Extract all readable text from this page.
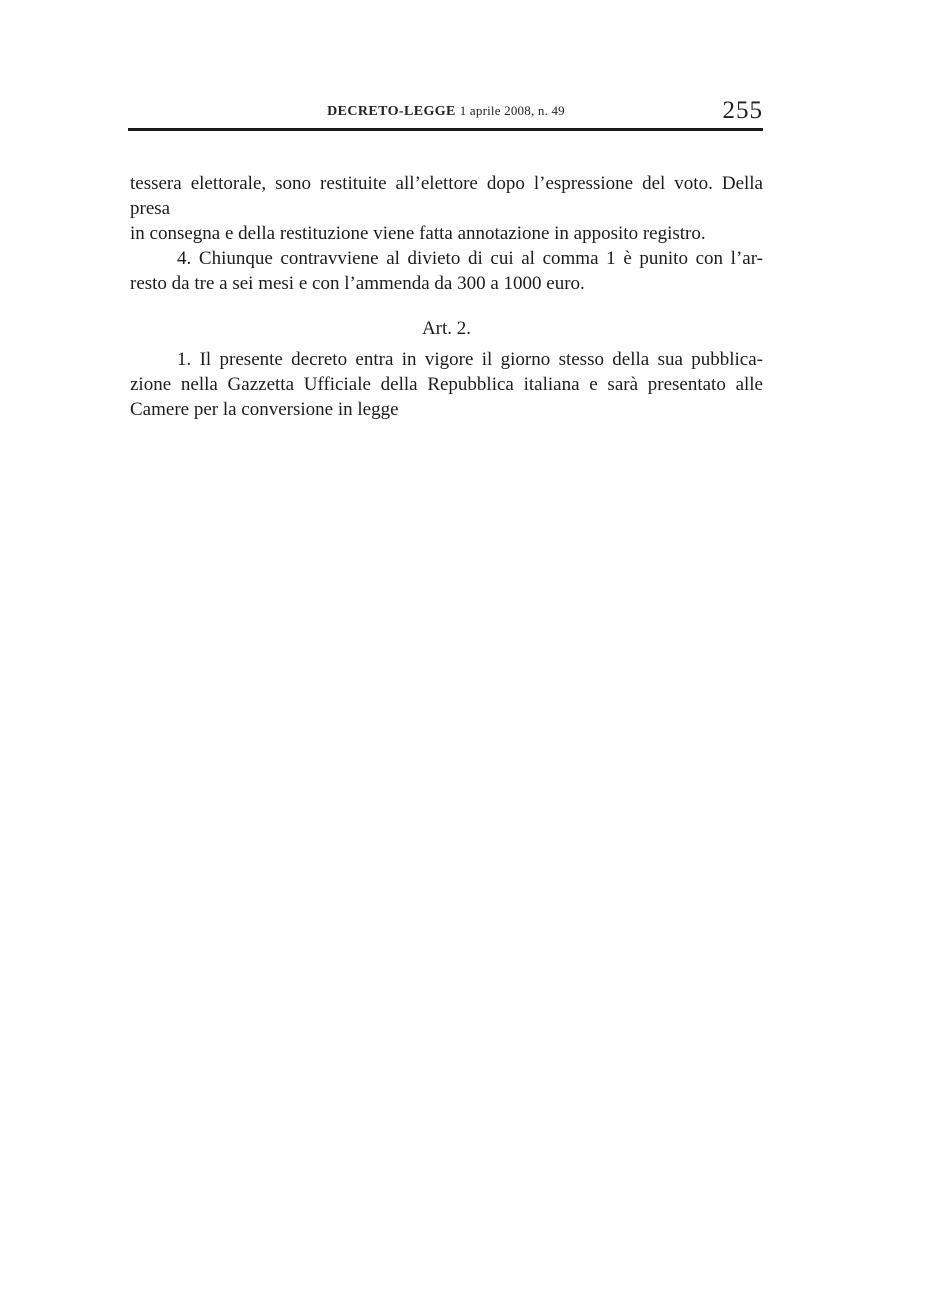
DECRETO-LEGGE 1 aprile 2008, n. 49	255

tessera elettorale, sono restituite all’elettore dopo l’espressione del voto. Della presa
in consegna e della restituzione viene fatta annotazione in apposito registro.

4. Chiunque contravviene al divieto di cui al comma 1 è punito con l’ar-
resto da tre a sei mesi e con l’ammenda da 300 a 1000 euro.

Art. 2.

1. Il presente decreto entra in vigore il giorno stesso della sua pubblica-
zione nella Gazzetta Ufficiale della Repubblica italiana e sarà presentato alle
Camere per la conversione in legge
